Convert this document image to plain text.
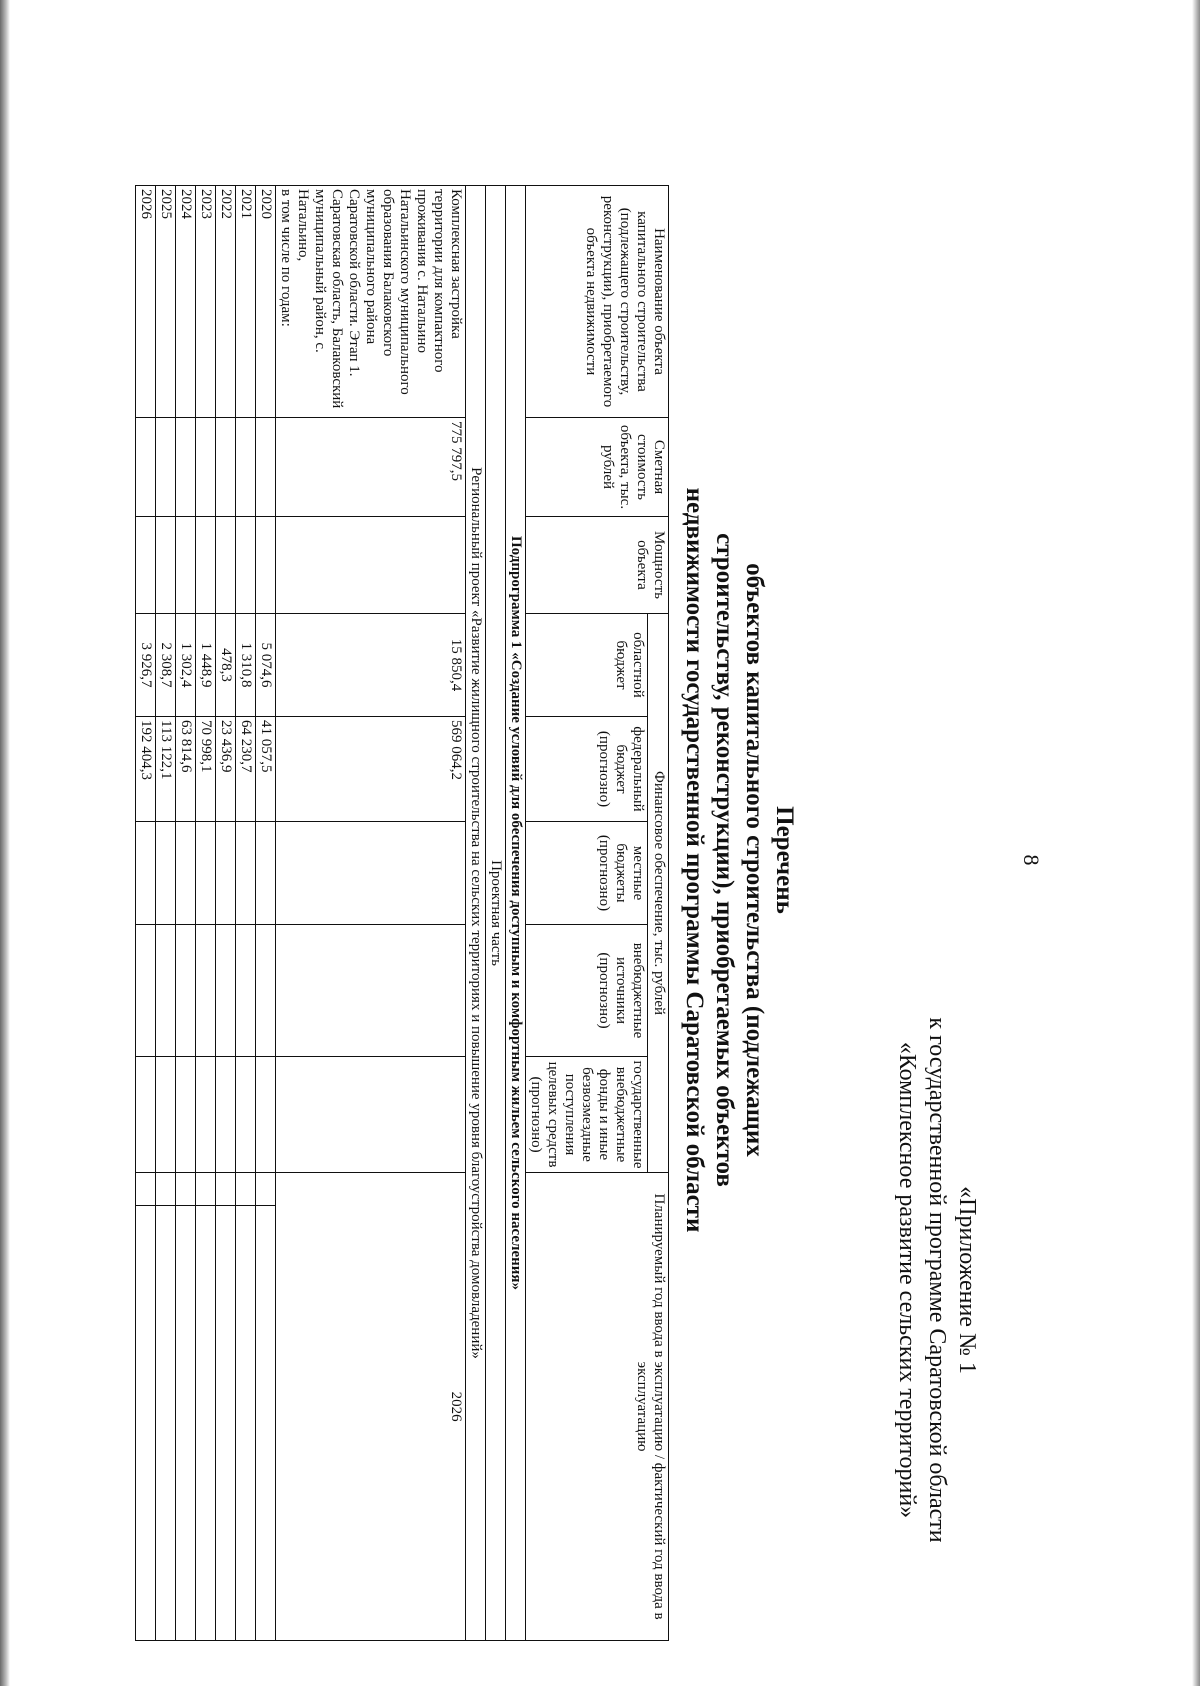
8
«Приложение № 1
к государственной программе Саратовской области
«Комплексное развитие сельских территорий»
Перечень
объектов капитального строительства (подлежащих
строительству, реконструкции), приобретаемых объектов
недвижимости государственной программы Саратовской области
Наименование объекта капитального строительства (подлежащего строительству, реконструкции), приобретаемого объекта недвижимости	Сметная стоимость объекта, тыс. рублей	Мощность объекта	Финансовое обеспечение, тыс. рублей					Планируемый год ввода в эксплуатацию / фактический год ввода в эксплуатацию	
			областной бюджет	федеральный бюджет (прогнозно)	местные бюджеты (прогнозно)	внебюджетные источники (прогнозно)	государственные внебюджетные фонды и иные безвозмездные поступления целевых средств (прогнозно)		
Подпрограмма 1 «Создание условий для обеспечения доступным и комфортным жильем сельского населения»									
Проектная часть									
Региональный проект «Развитие жилищного строительства на сельских территориях и повышение уровня благоустройства домовладений»									
Комплексная застройка территории для компактного проживания с. Натальино Натальинского муниципального образования Балаковского муниципального района Саратовской области. Этап 1. Саратовская область, Балаковский муниципальный район, с. Натальино,
в том числе по годам:	775 797,5		15 850,4	569 064,2				2026	
2020			5 074,6	41 057,5					
2021			1 310,8	64 230,7					
2022			478,3	23 436,9					
2023			1 448,9	70 998,1					
2024			1 302,4	63 814,6					
2025			2 308,7	113 122,1					
2026			3 926,7	192 404,3					
